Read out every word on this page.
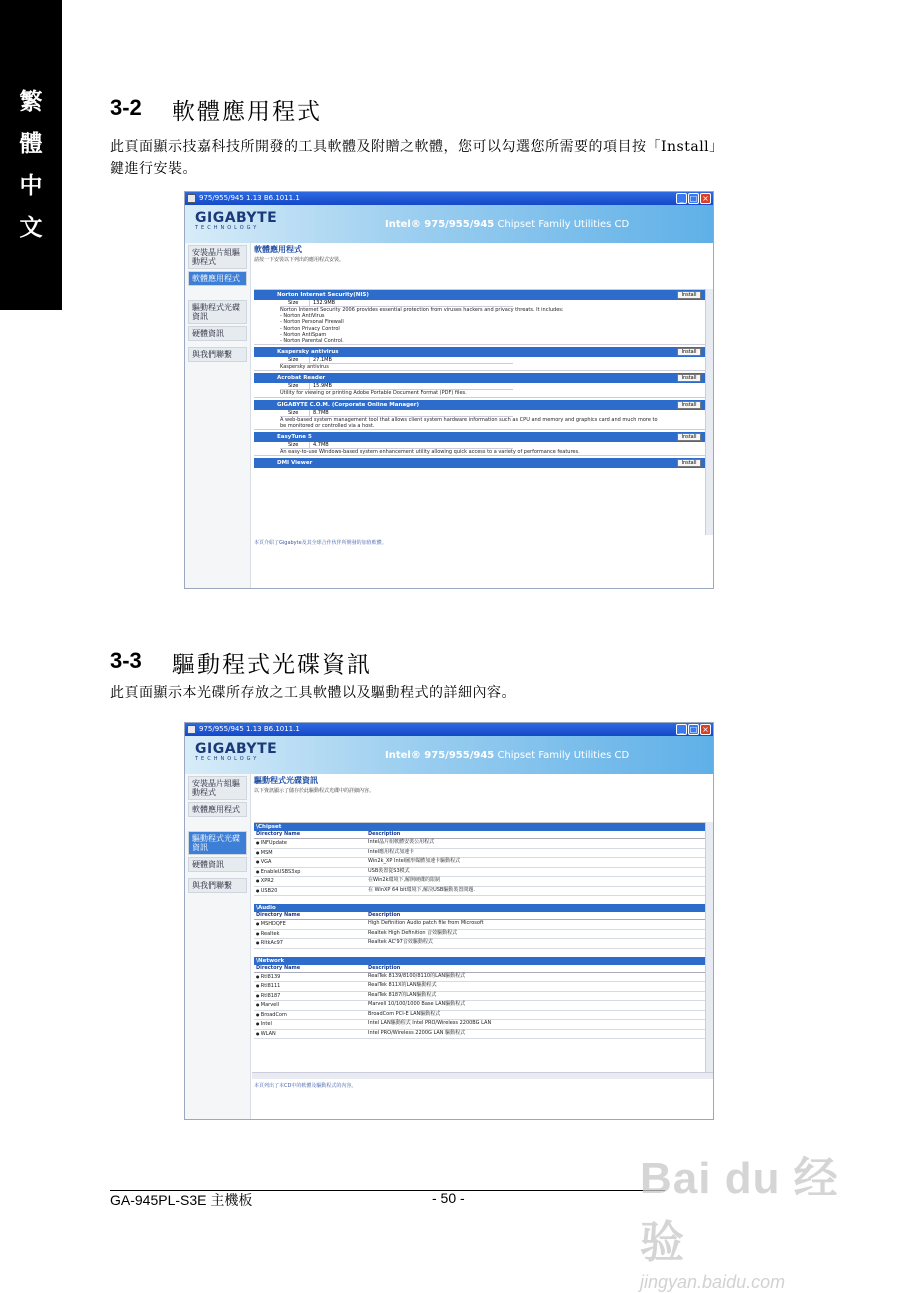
繁
體
中
文
3-2 軟體應用程式
此頁面顯示技嘉科技所開發的工具軟體及附贈之軟體，您可以勾選您所需要的項目按「Install」
鍵進行安裝。
975/955/945 1.13 B6.1011.1	_ □ ×
GIGABYTE
TECHNOLOGY	Intel® 975/955/945 Chipset Family Utilities CD
安裝晶片組驅動程式
軟體應用程式
驅動程式光碟資訊
硬體資訊
與我們聯繫
軟體應用程式
請按一下安裝以下列出的應用程式安裝。
Norton Internet Security(NIS)	Install
Size	132.9MB
Norton Internet Security 2006 provides essential protection from viruses hackers and privacy threats. It includes:
- Norton AntiVirus
- Norton Personal Firewall
- Norton Privacy Control
- Norton AntiSpam
- Norton Parental Control.
Kaspersky antivirus	Install
Size	27.1MB
Kaspersky antivirus
Acrobat Reader	Install
Size	15.9MB
Utility for viewing or printing Adobe Portable Document Format (PDF) files.
GIGABYTE C.O.M. (Corporate Online Manager)	Install
Size	8.7MB
A web-based system management tool that allows client system hardware information such as CPU and memory and graphics card and much more to
be monitored or controlled via a host.
EasyTune 5	Install
Size	4.7MB
An easy-to-use Windows-based system enhancement utility allowing quick access to a variety of performance features.
DMI Viewer	Install
本頁介紹了Gigabyte及其全球合作伙伴所開發的加值軟體。
3-3 驅動程式光碟資訊
此頁面顯示本光碟所存放之工具軟體以及驅動程式的詳細內容。
975/955/945 1.13 B6.1011.1	_ □ ×
GIGABYTE
TECHNOLOGY	Intel® 975/955/945 Chipset Family Utilities CD
安裝晶片組驅動程式
軟體應用程式
驅動程式光碟資訊
硬體資訊
與我們聯繫
驅動程式光碟資訊
以下資訊顯示了儲存於此驅動程式光碟中的詳細內容。
\Chipset
Directory Name	Description
● INFUpdate	Intel晶片組軟體安裝公用程式
● MSM	Intel應用程式加速卡
● VGA	Win2k_XP Intel圖形媒體加速卡驅動程式
● EnableUSBS3xp	USB裝置從S3模式
● XPR2	在Win2k環境下,解開硬碟的限制
● USB20	在 WinXP 64 bit環境下,解決USB驅動裝置問題.
\Audio
Directory Name	Description
● MSHDQFE	High Definition Audio patch file from Microsoft
● Realtek	Realtek High Definition 音效驅動程式
● RltkAc97	Realtek AC'97音效驅動程式
\Network
Directory Name	Description
● Rtl8139	RealTek 8139/8100/8110的LAN驅動程式
● Rtl8111	RealTek 811X的LAN驅動程式
● Rtl8187	RealTek 8187的LAN驅動程式
● Marvell	Marvell 10/100/1000 Base LAN驅動程式
● BroadCom	BroadCom PCI-E LAN驅動程式
● Intel	Intel LAN驅動程式 Intel PRO/Wireless 2200BG LAN
● WLAN	Intel PRO/Wireless 2200G LAN 驅動程式
本頁列出了本CD中的軟體及驅動程式的內容。
GA-945PL-S3E 主機板	- 50 -	Bai du 经验
jingyan.baidu.com
